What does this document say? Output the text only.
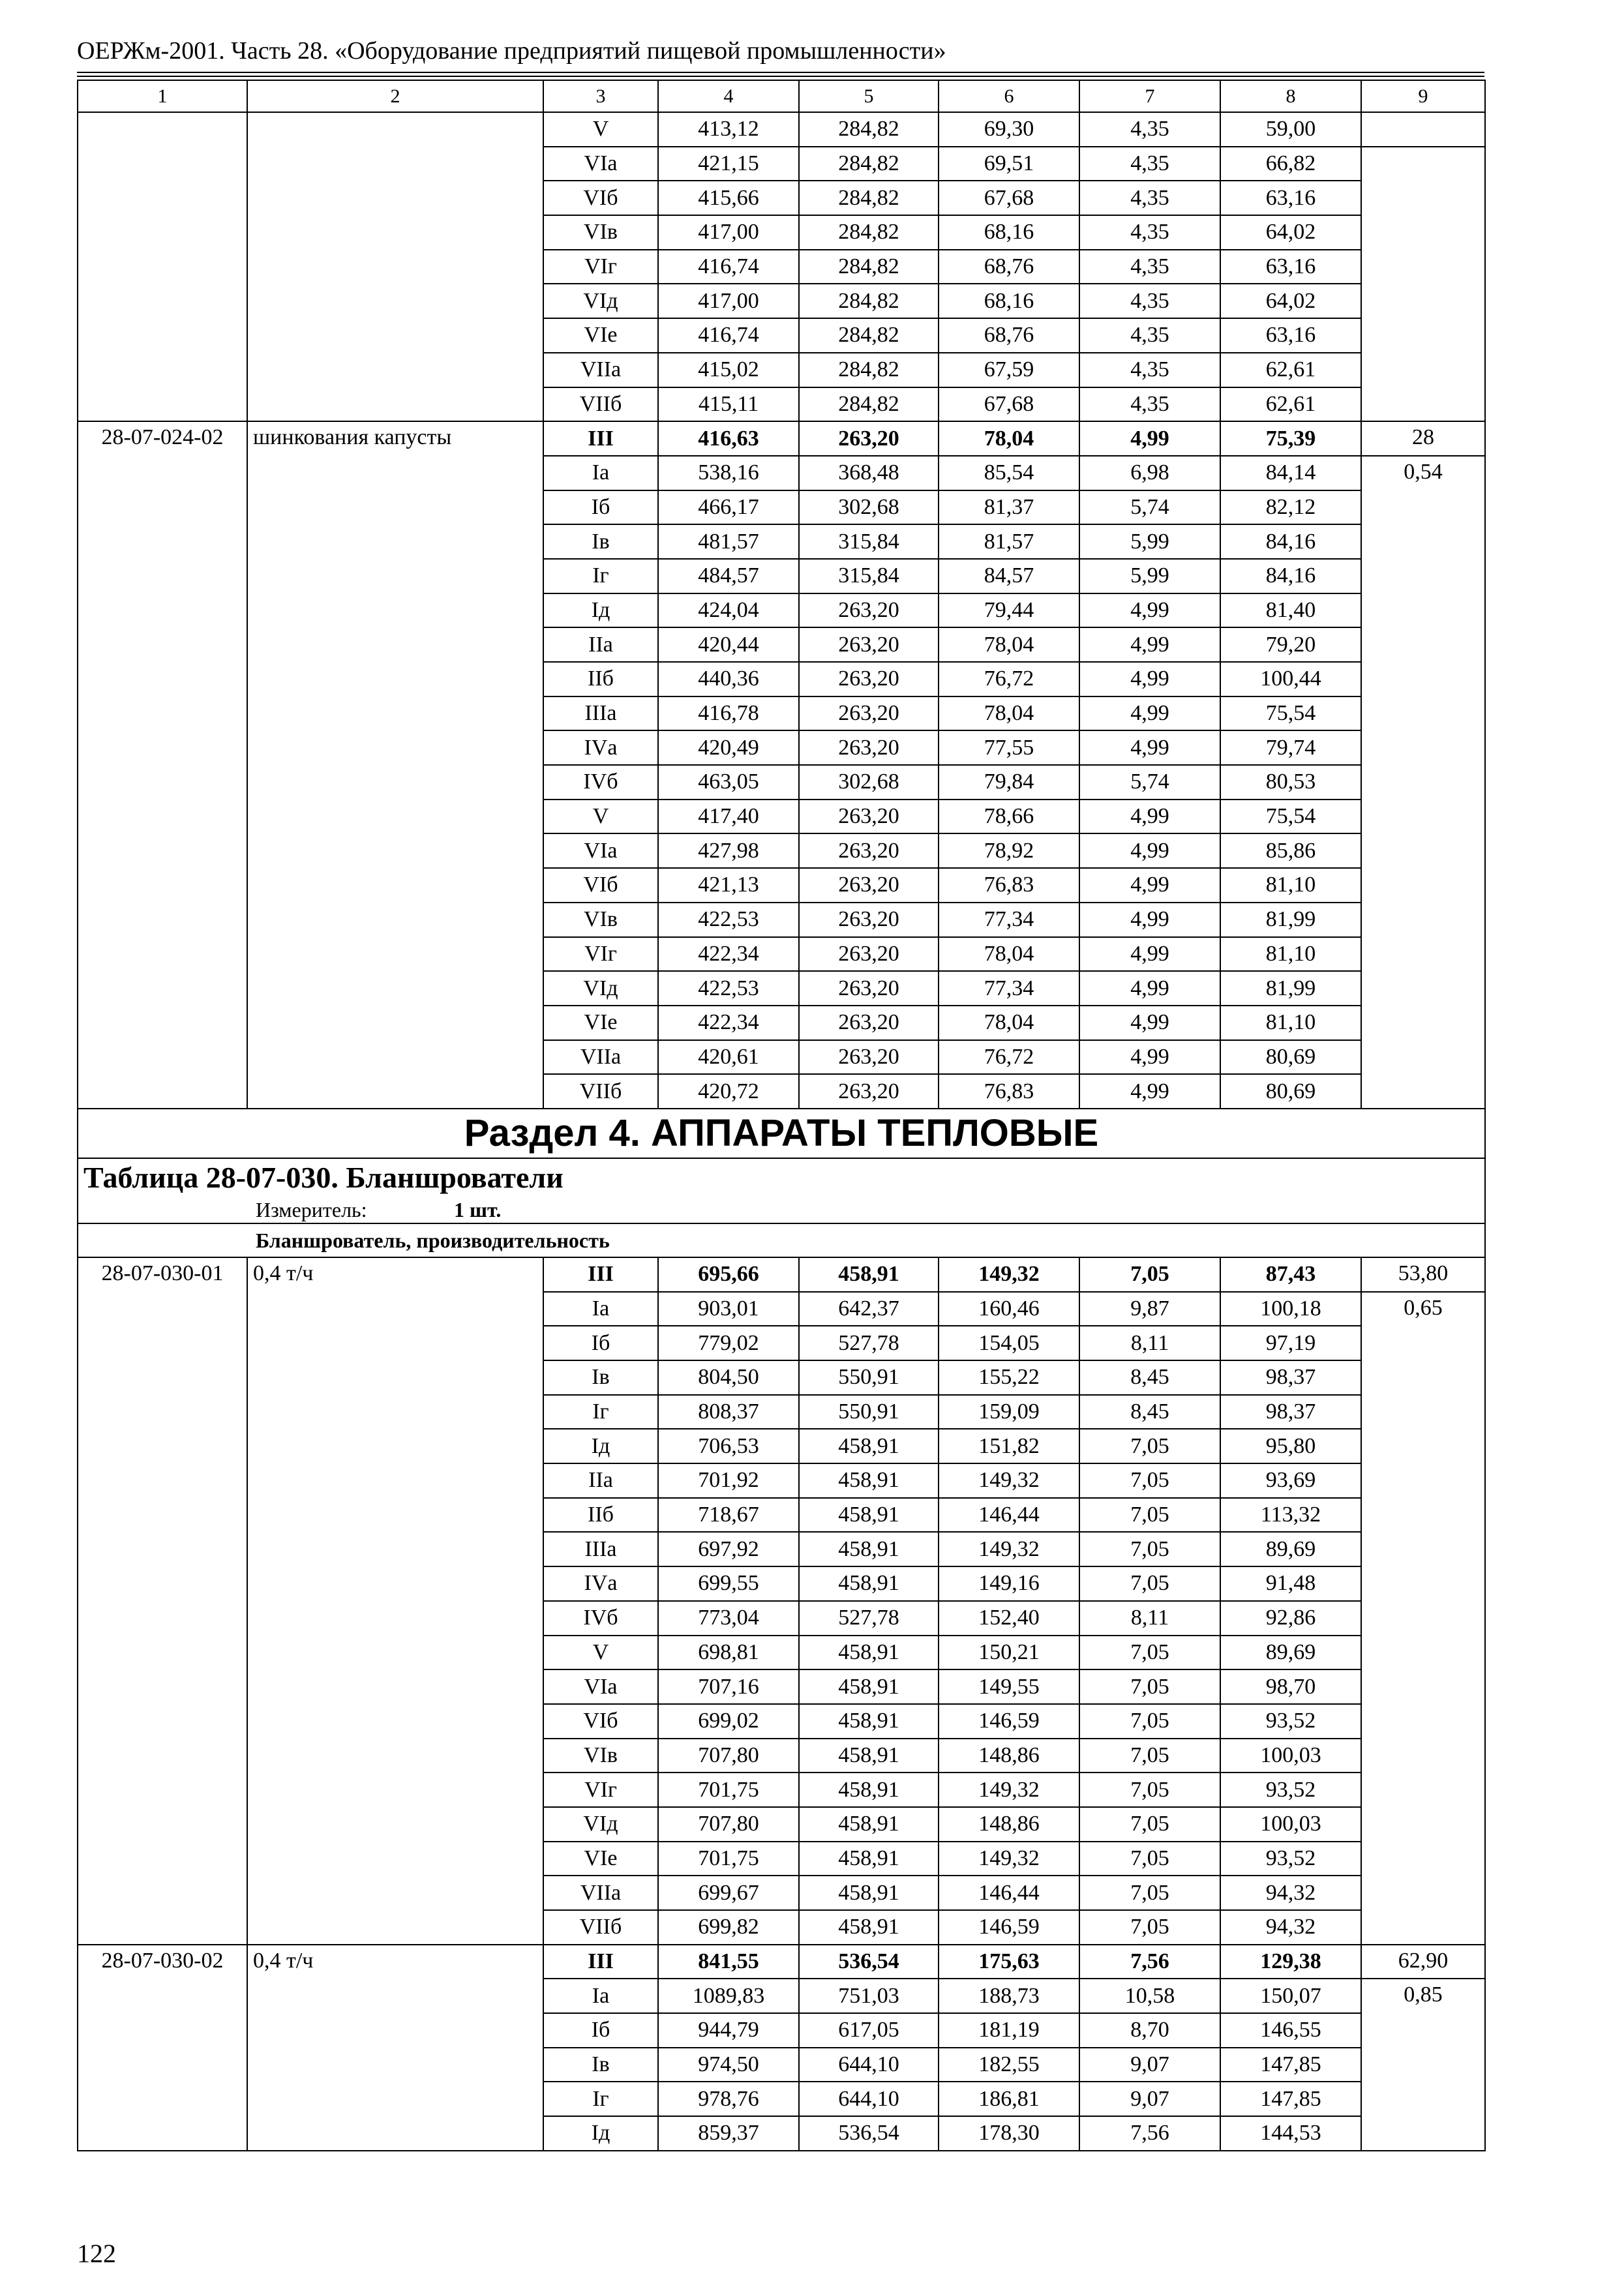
ОЕРЖм-2001. Часть 28. «Оборудование предприятий пищевой промышленности»
1	2	3	4	5	6	7	8	9
		V	413,12	284,82	69,30	4,35	59,00	
		VIа	421,15	284,82	69,51	4,35	66,82	
		VIб	415,66	284,82	67,68	4,35	63,16	
		VIв	417,00	284,82	68,16	4,35	64,02	
		VIг	416,74	284,82	68,76	4,35	63,16	
		VIд	417,00	284,82	68,16	4,35	64,02	
		VIе	416,74	284,82	68,76	4,35	63,16	
		VIIа	415,02	284,82	67,59	4,35	62,61	
		VIIб	415,11	284,82	67,68	4,35	62,61	
28-07-024-02	шинкования капусты	III	416,63	263,20	78,04	4,99	75,39	28
		Iа	538,16	368,48	85,54	6,98	84,14	0,54
		Iб	466,17	302,68	81,37	5,74	82,12	
		Iв	481,57	315,84	81,57	5,99	84,16	
		Iг	484,57	315,84	84,57	5,99	84,16	
		Iд	424,04	263,20	79,44	4,99	81,40	
		IIа	420,44	263,20	78,04	4,99	79,20	
		IIб	440,36	263,20	76,72	4,99	100,44	
		IIIа	416,78	263,20	78,04	4,99	75,54	
		IVа	420,49	263,20	77,55	4,99	79,74	
		IVб	463,05	302,68	79,84	5,74	80,53	
		V	417,40	263,20	78,66	4,99	75,54	
		VIа	427,98	263,20	78,92	4,99	85,86	
		VIб	421,13	263,20	76,83	4,99	81,10	
		VIв	422,53	263,20	77,34	4,99	81,99	
		VIг	422,34	263,20	78,04	4,99	81,10	
		VIд	422,53	263,20	77,34	4,99	81,99	
		VIе	422,34	263,20	78,04	4,99	81,10	
		VIIа	420,61	263,20	76,72	4,99	80,69	
		VIIб	420,72	263,20	76,83	4,99	80,69	
Раздел 4. АППАРАТЫ ТЕПЛОВЫЕ								
Таблица 28-07-030. Бланшрователи								
Измеритель: 1 шт.								
Бланшрователь, производительность								
28-07-030-01	0,4 т/ч	III	695,66	458,91	149,32	7,05	87,43	53,80
		Iа	903,01	642,37	160,46	9,87	100,18	0,65
		Iб	779,02	527,78	154,05	8,11	97,19	
		Iв	804,50	550,91	155,22	8,45	98,37	
		Iг	808,37	550,91	159,09	8,45	98,37	
		Iд	706,53	458,91	151,82	7,05	95,80	
		IIа	701,92	458,91	149,32	7,05	93,69	
		IIб	718,67	458,91	146,44	7,05	113,32	
		IIIа	697,92	458,91	149,32	7,05	89,69	
		IVа	699,55	458,91	149,16	7,05	91,48	
		IVб	773,04	527,78	152,40	8,11	92,86	
		V	698,81	458,91	150,21	7,05	89,69	
		VIа	707,16	458,91	149,55	7,05	98,70	
		VIб	699,02	458,91	146,59	7,05	93,52	
		VIв	707,80	458,91	148,86	7,05	100,03	
		VIг	701,75	458,91	149,32	7,05	93,52	
		VIд	707,80	458,91	148,86	7,05	100,03	
		VIе	701,75	458,91	149,32	7,05	93,52	
		VIIа	699,67	458,91	146,44	7,05	94,32	
		VIIб	699,82	458,91	146,59	7,05	94,32	
28-07-030-02	0,4 т/ч	III	841,55	536,54	175,63	7,56	129,38	62,90
		Iа	1089,83	751,03	188,73	10,58	150,07	0,85
		Iб	944,79	617,05	181,19	8,70	146,55	
		Iв	974,50	644,10	182,55	9,07	147,85	
		Iг	978,76	644,10	186,81	9,07	147,85	
		Iд	859,37	536,54	178,30	7,56	144,53	
122
